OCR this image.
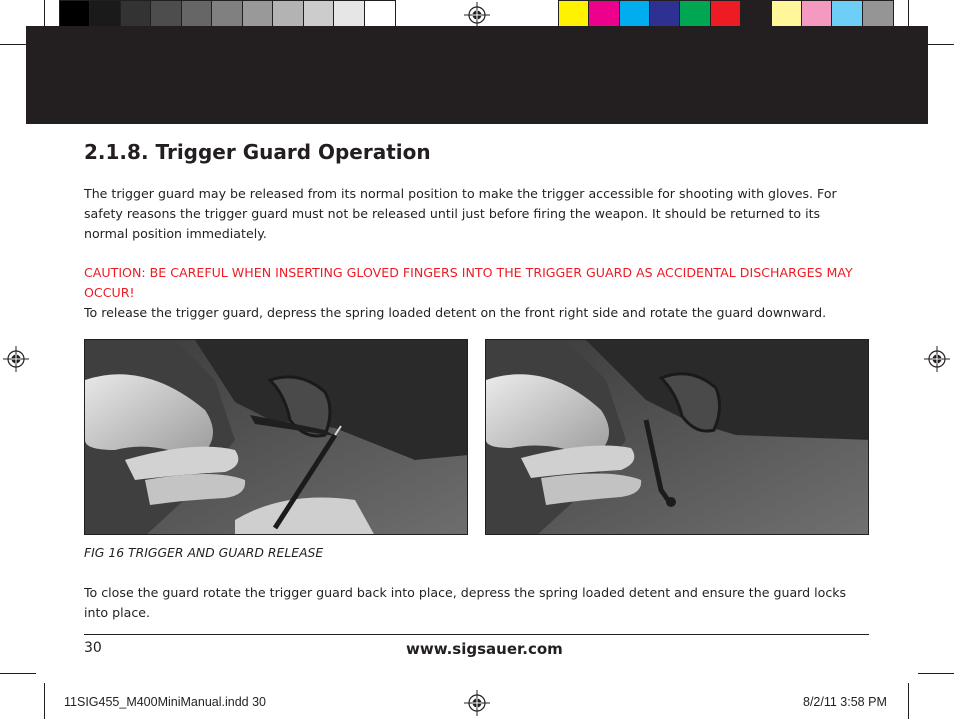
2.1.8. Trigger Guard Operation
The trigger guard may be released from its normal position to make the trigger accessible for shooting with gloves. For
safety reasons the trigger guard must not be released until just before firing the weapon. It should be returned to its
normal position immediately.
CAUTION: BE CAREFUL WHEN INSERTING GLOVED FINGERS INTO THE TRIGGER GUARD AS ACCIDENTAL DISCHARGES MAY
OCCUR!
To release the trigger guard, depress the spring loaded detent on the front right side and rotate the guard downward.
FIG 16 TRIGGER AND GUARD RELEASE
To close the guard rotate the trigger guard back into place, depress the spring loaded detent and ensure the guard locks
into place.
30	www.sigsauer.com
11SIG455_M400MiniManual.indd 30	8/2/11 3:58 PM
